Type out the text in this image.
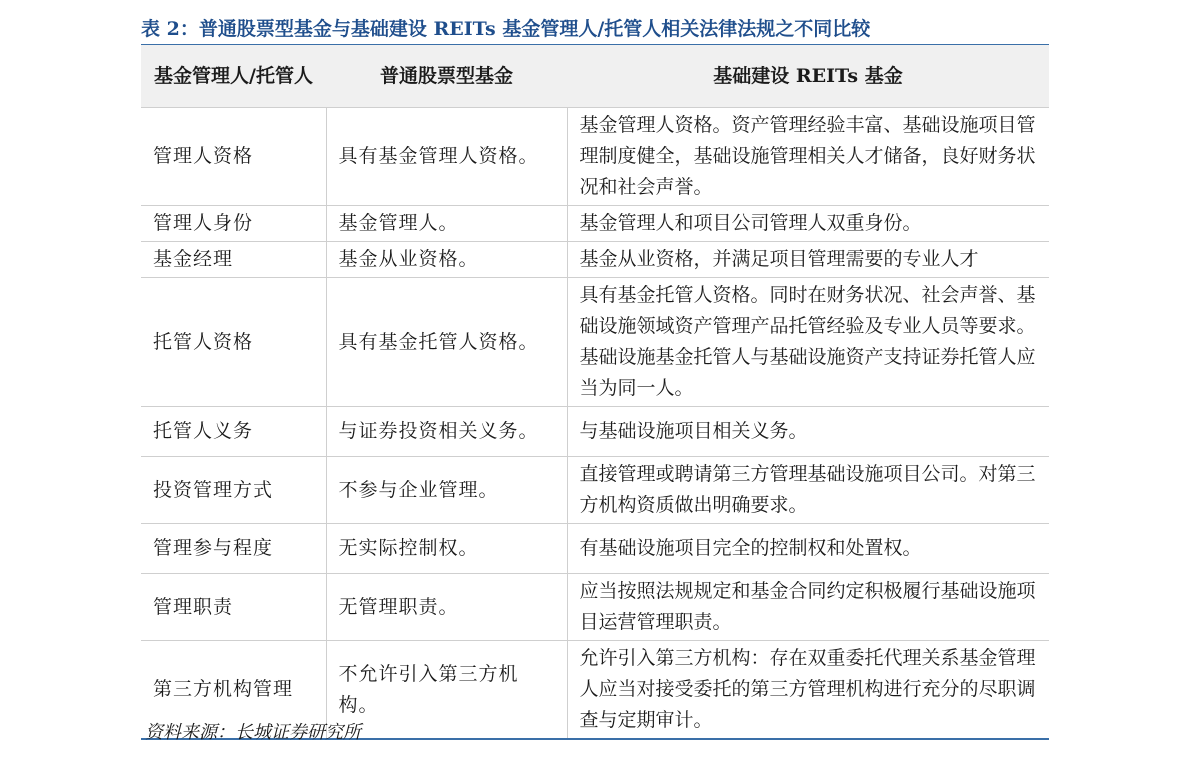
表 2：普通股票型基金与基础建设 REITs 基金管理人/托管人相关法律法规之不同比较
基金管理人/托管人	普通股票型基金	基础建设 REITs 基金
管理人资格	具有基金管理人资格。	基金管理人资格。资产管理经验丰富、基础设施项目管理制度健全，基础设施管理相关人才储备，良好财务状况和社会声誉。
管理人身份	基金管理人。	基金管理人和项目公司管理人双重身份。
基金经理	基金从业资格。	基金从业资格，并满足项目管理需要的专业人才
托管人资格	具有基金托管人资格。	具有基金托管人资格。同时在财务状况、社会声誉、基础设施领域资产管理产品托管经验及专业人员等要求。基础设施基金托管人与基础设施资产支持证券托管人应当为同一人。
托管人义务	与证券投资相关义务。	与基础设施项目相关义务。
投资管理方式	不参与企业管理。	直接管理或聘请第三方管理基础设施项目公司。对第三方机构资质做出明确要求。
管理参与程度	无实际控制权。	有基础设施项目完全的控制权和处置权。
管理职责	无管理职责。	应当按照法规规定和基金合同约定积极履行基础设施项目运营管理职责。
第三方机构管理	不允许引入第三方机构。	允许引入第三方机构：存在双重委托代理关系基金管理人应当对接受委托的第三方管理机构进行充分的尽职调查与定期审计。
资料来源：长城证券研究所
